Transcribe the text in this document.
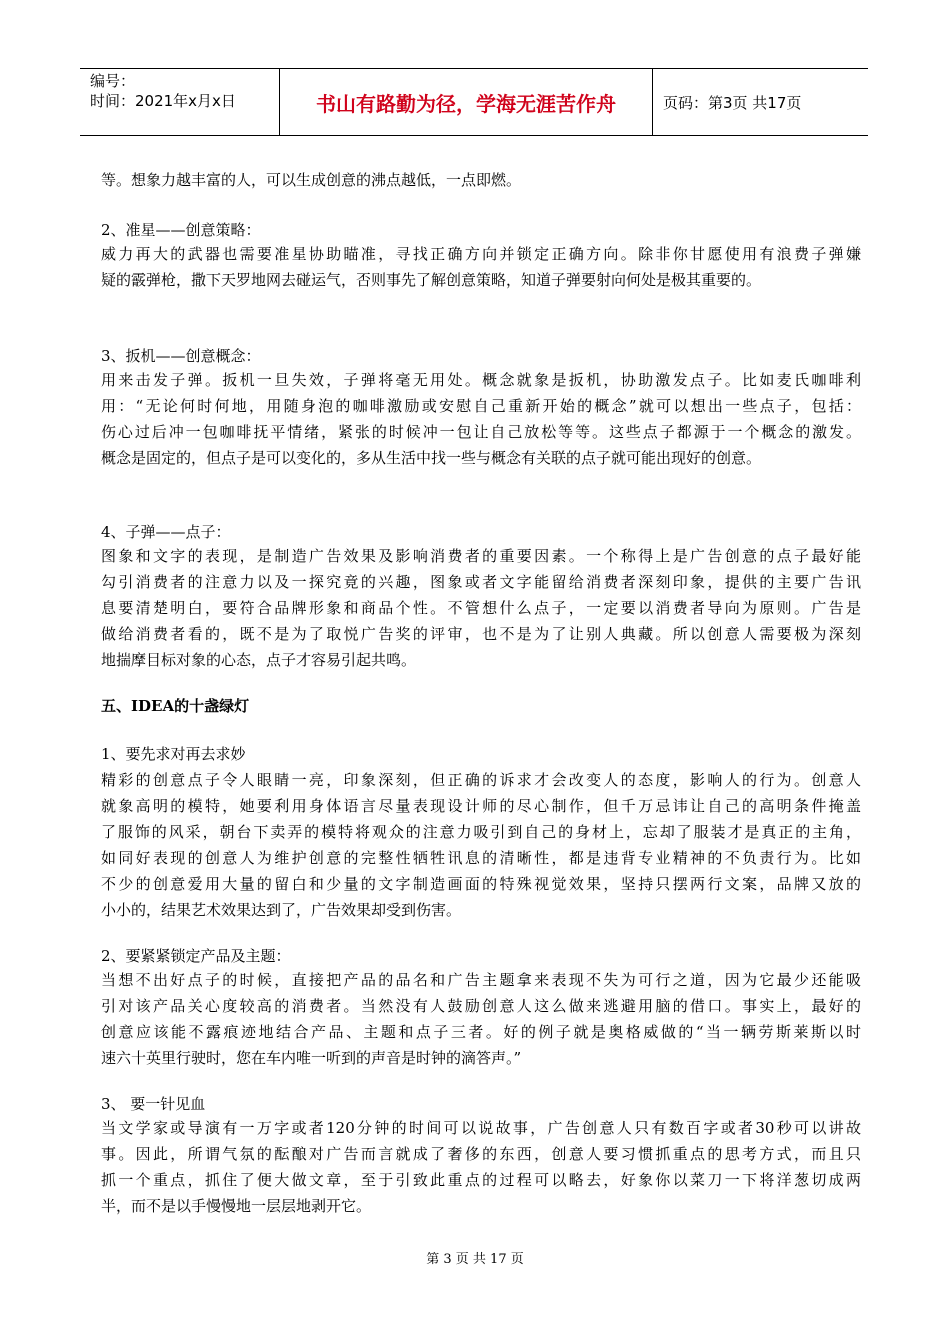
编号：
时间：2021年x月x日	书山有路勤为径，学海无涯苦作舟	页码：第3页 共17页
等。想象力越丰富的人，可以生成创意的沸点越低，一点即燃。
2、准星——创意策略：
威力再大的武器也需要准星协助瞄准，寻找正确方向并锁定正确方向。除非你甘愿使用有浪费子弹嫌
疑的霰弹枪，撒下天罗地网去碰运气，否则事先了解创意策略，知道子弹要射向何处是极其重要的。
3、扳机——创意概念：
用来击发子弹。扳机一旦失效，子弹将毫无用处。概念就象是扳机，协助激发点子。比如麦氏咖啡利
用：“无论何时何地，用随身泡的咖啡激励或安慰自己重新开始的概念”就可以想出一些点子，包括：
伤心过后冲一包咖啡抚平情绪，紧张的时候冲一包让自己放松等等。这些点子都源于一个概念的激发。
概念是固定的，但点子是可以变化的，多从生活中找一些与概念有关联的点子就可能出现好的创意。
4、子弹——点子：
图象和文字的表现，是制造广告效果及影响消费者的重要因素。一个称得上是广告创意的点子最好能
勾引消费者的注意力以及一探究竟的兴趣，图象或者文字能留给消费者深刻印象，提供的主要广告讯
息要清楚明白，要符合品牌形象和商品个性。不管想什么点子，一定要以消费者导向为原则。广告是
做给消费者看的，既不是为了取悦广告奖的评审，也不是为了让别人典藏。所以创意人需要极为深刻
地揣摩目标对象的心态，点子才容易引起共鸣。
五、IDEA的十盏绿灯
1、要先求对再去求妙
精彩的创意点子令人眼睛一亮，印象深刻，但正确的诉求才会改变人的态度，影响人的行为。创意人
就象高明的模特，她要利用身体语言尽量表现设计师的尽心制作，但千万忌讳让自己的高明条件掩盖
了服饰的风采，朝台下卖弄的模特将观众的注意力吸引到自己的身材上，忘却了服装才是真正的主角，
如同好表现的创意人为维护创意的完整性牺牲讯息的清晰性，都是违背专业精神的不负责行为。比如
不少的创意爱用大量的留白和少量的文字制造画面的特殊视觉效果，坚持只摆两行文案，品牌又放的
小小的，结果艺术效果达到了，广告效果却受到伤害。
2、要紧紧锁定产品及主题：
当想不出好点子的时候，直接把产品的品名和广告主题拿来表现不失为可行之道，因为它最少还能吸
引对该产品关心度较高的消费者。当然没有人鼓励创意人这么做来逃避用脑的借口。事实上，最好的
创意应该能不露痕迹地结合产品、主题和点子三者。好的例子就是奥格威做的“当一辆劳斯莱斯以时
速六十英里行驶时，您在车内唯一听到的声音是时钟的滴答声。”
3、 要一针见血
当文学家或导演有一万字或者120分钟的时间可以说故事，广告创意人只有数百字或者30秒可以讲故
事。因此，所谓气氛的酝酿对广告而言就成了奢侈的东西，创意人要习惯抓重点的思考方式，而且只
抓一个重点，抓住了便大做文章，至于引致此重点的过程可以略去，好象你以菜刀一下将洋葱切成两
半，而不是以手慢慢地一层层地剥开它。
第 3 页 共 17 页
